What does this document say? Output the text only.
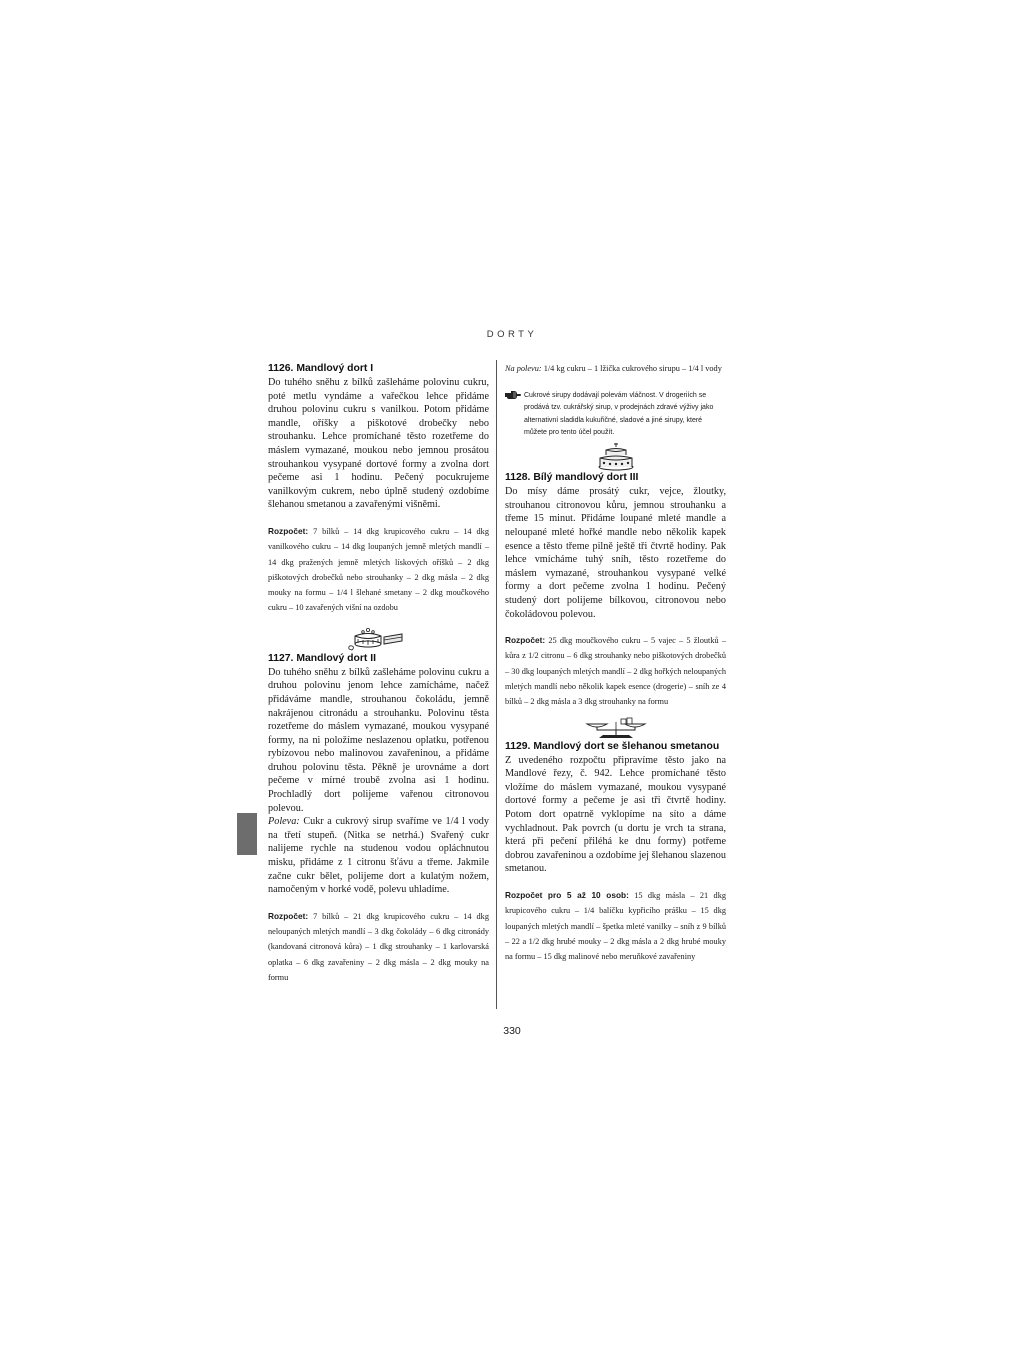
DORTY
1126. Mandlový dort I

Do tuhého sněhu z bílků zašleháme polovinu cukru, poté metlu vyndáme a vařečkou lehce přidáme druhou polovinu cukru s vanilkou. Potom přidáme mandle, oříšky a piškotové drobečky nebo strouhanku. Lehce promíchané těsto rozetřeme do máslem vymazané, moukou nebo jemnou prosátou strouhankou vysypané dortové formy a zvolna dort pečeme asi 1 hodinu. Pečený pocukrujeme vanilkovým cukrem, nebo úplně studený ozdobíme šlehanou smetanou a zavařenými višněmi.

Rozpočet: 7 bílků – 14 dkg krupicového cukru – 14 dkg vanilkového cukru – 14 dkg loupaných jemně mletých mandlí – 14 dkg pražených jemně mletých lískových oříšků – 2 dkg piškotových drobečků nebo strouhanky – 2 dkg másla – 2 dkg mouky na formu – 1/4 l šlehané smetany – 2 dkg moučkového cukru – 10 zavařených višní na ozdobu

1127. Mandlový dort II

Do tuhého sněhu z bílků zašleháme polovinu cukru a druhou polovinu jenom lehce zamícháme, načež přidáváme mandle, strouhanou čokoládu, jemně nakrájenou citronádu a strouhanku. Polovinu těsta rozetřeme do máslem vymazané, moukou vysypané formy, na ni položíme neslazenou oplatku, potřenou rybízovou nebo malinovou zavařeninou, a přidáme druhou polovinu těsta. Pěkně je urovnáme a dort pečeme v mírné troubě zvolna asi 1 hodinu. Prochladlý dort polijeme vařenou citronovou polevou.

Poleva: Cukr a cukrový sirup svaříme ve 1/4 l vody na třetí stupeň. (Nitka se netrhá.) Svařený cukr nalijeme rychle na studenou vodou opláchnutou misku, přidáme z 1 citronu šťávu a třeme. Jakmile začne cukr bělet, polijeme dort a kulatým nožem, namočeným v horké vodě, polevu uhladíme.

Rozpočet: 7 bílků – 21 dkg krupicového cukru – 14 dkg neloupaných mletých mandlí – 3 dkg čokolády – 6 dkg citronády (kandovaná citronová kůra) – 1 dkg strouhanky – 1 karlovarská oplatka – 6 dkg zavařeniny – 2 dkg másla – 2 dkg mouky na formu

Na polevu: 1/4 kg cukru – 1 lžička cukrového sirupu – 1/4 l vody

Cukrové sirupy dodávají polevám vláčnost. V drogeriích se prodává tzv. cukrářský sirup, v prodejnách zdravé výživy jako alternativní sladidla kukuřičné, sladové a jiné sirupy, které můžete pro tento účel použít.

1128. Bílý mandlový dort III

Do mísy dáme prosátý cukr, vejce, žloutky, strouhanou citronovou kůru, jemnou strouhanku a třeme 15 minut. Přidáme loupané mleté mandle a neloupané mleté hořké mandle nebo několik kapek esence a těsto třeme pilně ještě tři čtvrtě hodiny. Pak lehce vmícháme tuhý sníh, těsto rozetřeme do máslem vymazané, strouhankou vysypané velké formy a dort pečeme zvolna 1 hodinu. Pečený studený dort polijeme bílkovou, citronovou nebo čokoládovou polevou.

Rozpočet: 25 dkg moučkového cukru – 5 vajec – 5 žloutků – kůra z 1/2 citronu – 6 dkg strouhanky nebo piškotových drobečků – 30 dkg loupaných mletých mandlí – 2 dkg hořkých neloupaných mletých mandlí nebo několik kapek esence (drogerie) – sníh ze 4 bílků – 2 dkg másla a 3 dkg strouhanky na formu

1129. Mandlový dort se šlehanou smetanou

Z uvedeného rozpočtu připravíme těsto jako na Mandlové řezy, č. 942. Lehce promíchané těsto vložíme do máslem vymazané, moukou vysypané dortové formy a pečeme je asi tři čtvrtě hodiny. Potom dort opatrně vyklopíme na síto a dáme vychladnout. Pak povrch (u dortu je vrch ta strana, která při pečení přiléhá ke dnu formy) potřeme dobrou zavařeninou a ozdobíme jej šlehanou slazenou smetanou.

Rozpočet pro 5 až 10 osob: 15 dkg másla – 21 dkg krupicového cukru – 1/4 balíčku kypřicího prášku – 15 dkg loupaných mletých mandlí – špetka mleté vanilky – sníh z 9 bílků – 22 a 1/2 dkg hrubé mouky – 2 dkg másla a 2 dkg hrubé mouky na formu – 15 dkg malinové nebo meruňkové zavařeniny

330
